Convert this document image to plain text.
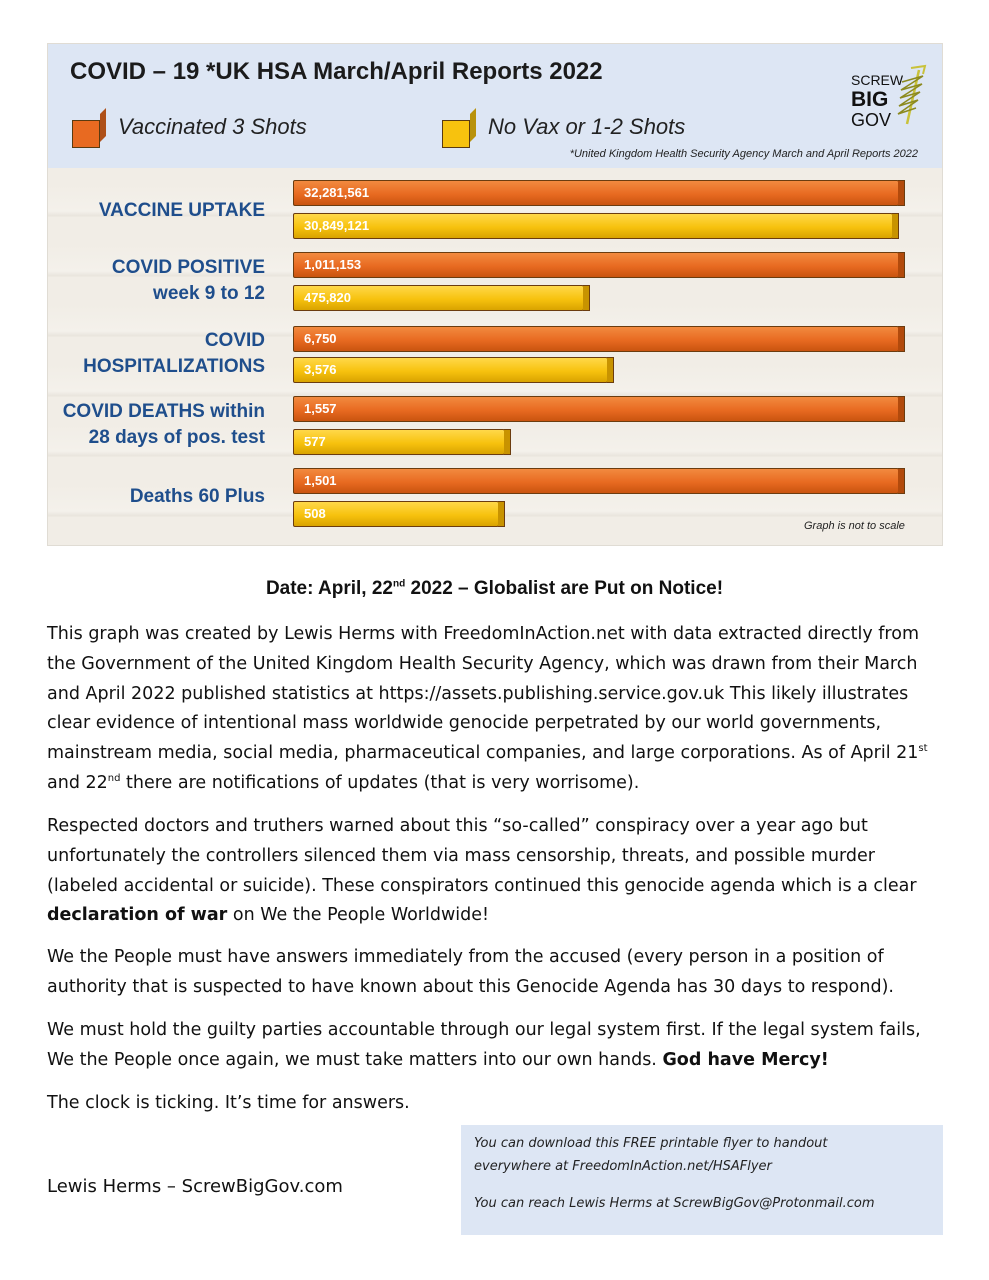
COVID – 19 *UK HSA March/April Reports 2022
Vaccinated 3 Shots	No Vax or 1-2 Shots
*United Kingdom Health Security Agency March and April Reports 2022
SCREW
BIG
GOV
VACCINE UPTAKE
COVID POSITIVE
week 9 to 12
COVID
HOSPITALIZATIONS
COVID DEATHS within
28 days of pos. test
Deaths 60 Plus
32,281,561
30,849,121
1,011,153
475,820
6,750
3,576
1,557
577
1,501
508
Graph is not to scale
Date: April, 22nd 2022 – Globalist are Put on Notice!
This graph was created by Lewis Herms with FreedomInAction.net with data extracted directly from the Government of the United Kingdom Health Security Agency, which was drawn from their March and April 2022 published statistics at https://assets.publishing.service.gov.uk This likely illustrates clear evidence of intentional mass worldwide genocide perpetrated by our world governments, mainstream media, social media, pharmaceutical companies, and large corporations. As of April 21st and 22nd there are notifications of updates (that is very worrisome).
Respected doctors and truthers warned about this “so-called” conspiracy over a year ago but unfortunately the controllers silenced them via mass censorship, threats, and possible murder (labeled accidental or suicide). These conspirators continued this genocide agenda which is a clear declaration of war on We the People Worldwide!
We the People must have answers immediately from the accused (every person in a position of authority that is suspected to have known about this Genocide Agenda has 30 days to respond).
We must hold the guilty parties accountable through our legal system first. If the legal system fails, We the People once again, we must take matters into our own hands. God have Mercy!
The clock is ticking. It’s time for answers.
Lewis Herms – ScrewBigGov.com
You can download this FREE printable flyer to handout
everywhere at FreedomInAction.net/HSAFlyer
You can reach Lewis Herms at ScrewBigGov@Protonmail.com
